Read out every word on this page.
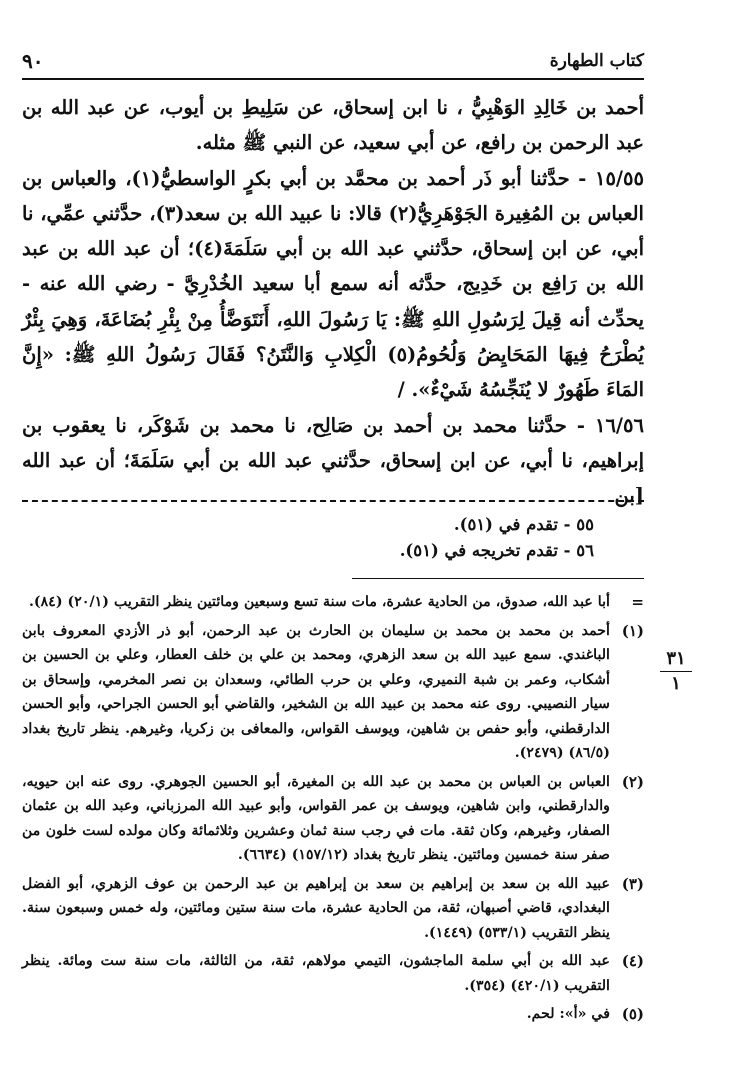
كتاب الطهارة
٩٠

أحمد بن خَالِدِ الوَهْبِيُّ ، نا ابن إسحاق، عن سَلِيطِ بن أيوب، عن عبد الله بن عبد الرحمن بن رافع، عن أبي سعيد، عن النبي ﷺ مثله.

١٥/٥٥ - حدَّثنا أبو ذَر أحمد بن محمَّد بن أبي بكرٍ الواسطيُّ(١)، والعباس بن العباس بن المُغِيرة الجَوْهَرِيُّ(٢) قالا: نا عبيد الله بن سعد(٣)، حدَّثني عمِّي، نا أبي، عن ابن إسحاق، حدَّثني عبد الله بن أبي سَلَمَةَ(٤)؛ أن عبد الله بن عبد الله بن رَافِع بن خَدِيج، حدَّثه أنه سمع أبا سعيد الخُدْرِيَّ - رضي الله عنه - يحدِّث أنه قِيلَ لِرَسُولِ اللهِ ﷺ: يَا رَسُولَ اللهِ، أَنَتَوَضَّأُ مِنْ بِئْرِ بُضَاعَةَ، وَهِيَ بِئْرٌ يُطْرَحُ فِيهَا المَحَايِضُ وَلُحُومُ(٥) الْكِلابِ وَالنَّتَنُ؟ فَقَالَ رَسُولُ اللهِ ﷺ: «إِنَّ المَاءَ طَهُورٌ لا يُنَجِّسُهُ شَيْءٌ». /

١٦/٥٦ - حدَّثنا محمد بن أحمد بن صَالِح، نا محمد بن شَوْكَر، نا يعقوب بن إبراهيم، نا أبي، عن ابن إسحاق، حدَّثني عبد الله بن أبي سَلَمَةَ؛ أن عبد الله [بن

٣١
١

٥٥ - تقدم في (٥١).

٥٦ - تقدم تخريجه في (٥١).

=
أبا عبد الله، صدوق، من الحادية عشرة، مات سنة تسع وسبعين ومائتين ينظر التقريب (٢٠/١) (٨٤).
(١)
أحمد بن محمد بن محمد بن سليمان بن الحارث بن عبد الرحمن، أبو ذر الأزدي المعروف بابن الباغندي. سمع عبيد الله بن سعد الزهري، ومحمد بن علي بن خلف العطار، وعلي بن الحسين بن أشكاب، وعمر بن شبة النميري، وعلي بن حرب الطائي، وسعدان بن نصر المخرمي، وإسحاق بن سيار النصيبي. روى عنه محمد بن عبيد الله بن الشخير، والقاضي أبو الحسن الجراحي، وأبو الحسن الدارقطني، وأبو حفص بن شاهين، ويوسف القواس، والمعافى بن زكريا، وغيرهم. ينظر تاريخ بغداد (٨٦/٥) (٢٤٧٩).
(٢)
العباس بن العباس بن محمد بن عبد الله بن المغيرة، أبو الحسين الجوهري. روى عنه ابن حيويه، والدارقطني، وابن شاهين، ويوسف بن عمر القواس، وأبو عبيد الله المرزباني، وعبد الله بن عثمان الصفار، وغيرهم، وكان ثقة. مات في رجب سنة ثمان وعشرين وثلاثمائة وكان مولده لست خلون من صفر سنة خمسين ومائتين. ينظر تاريخ بغداد (١٥٧/١٢) (٦٦٣٤).
(٣)
عبيد الله بن سعد بن إبراهيم بن سعد بن إبراهيم بن عبد الرحمن بن عوف الزهري، أبو الفضل البغدادي، قاضي أصبهان، ثقة، من الحادية عشرة، مات سنة ستين ومائتين، وله خمس وسبعون سنة. ينظر التقريب (٥٣٣/١) (١٤٤٩).
(٤)
عبد الله بن أبي سلمة الماجشون، التيمي مولاهم، ثقة، من الثالثة، مات سنة ست ومائة. ينظر التقريب (٤٢٠/١) (٣٥٤).
(٥)
في «أ»: لحم.
